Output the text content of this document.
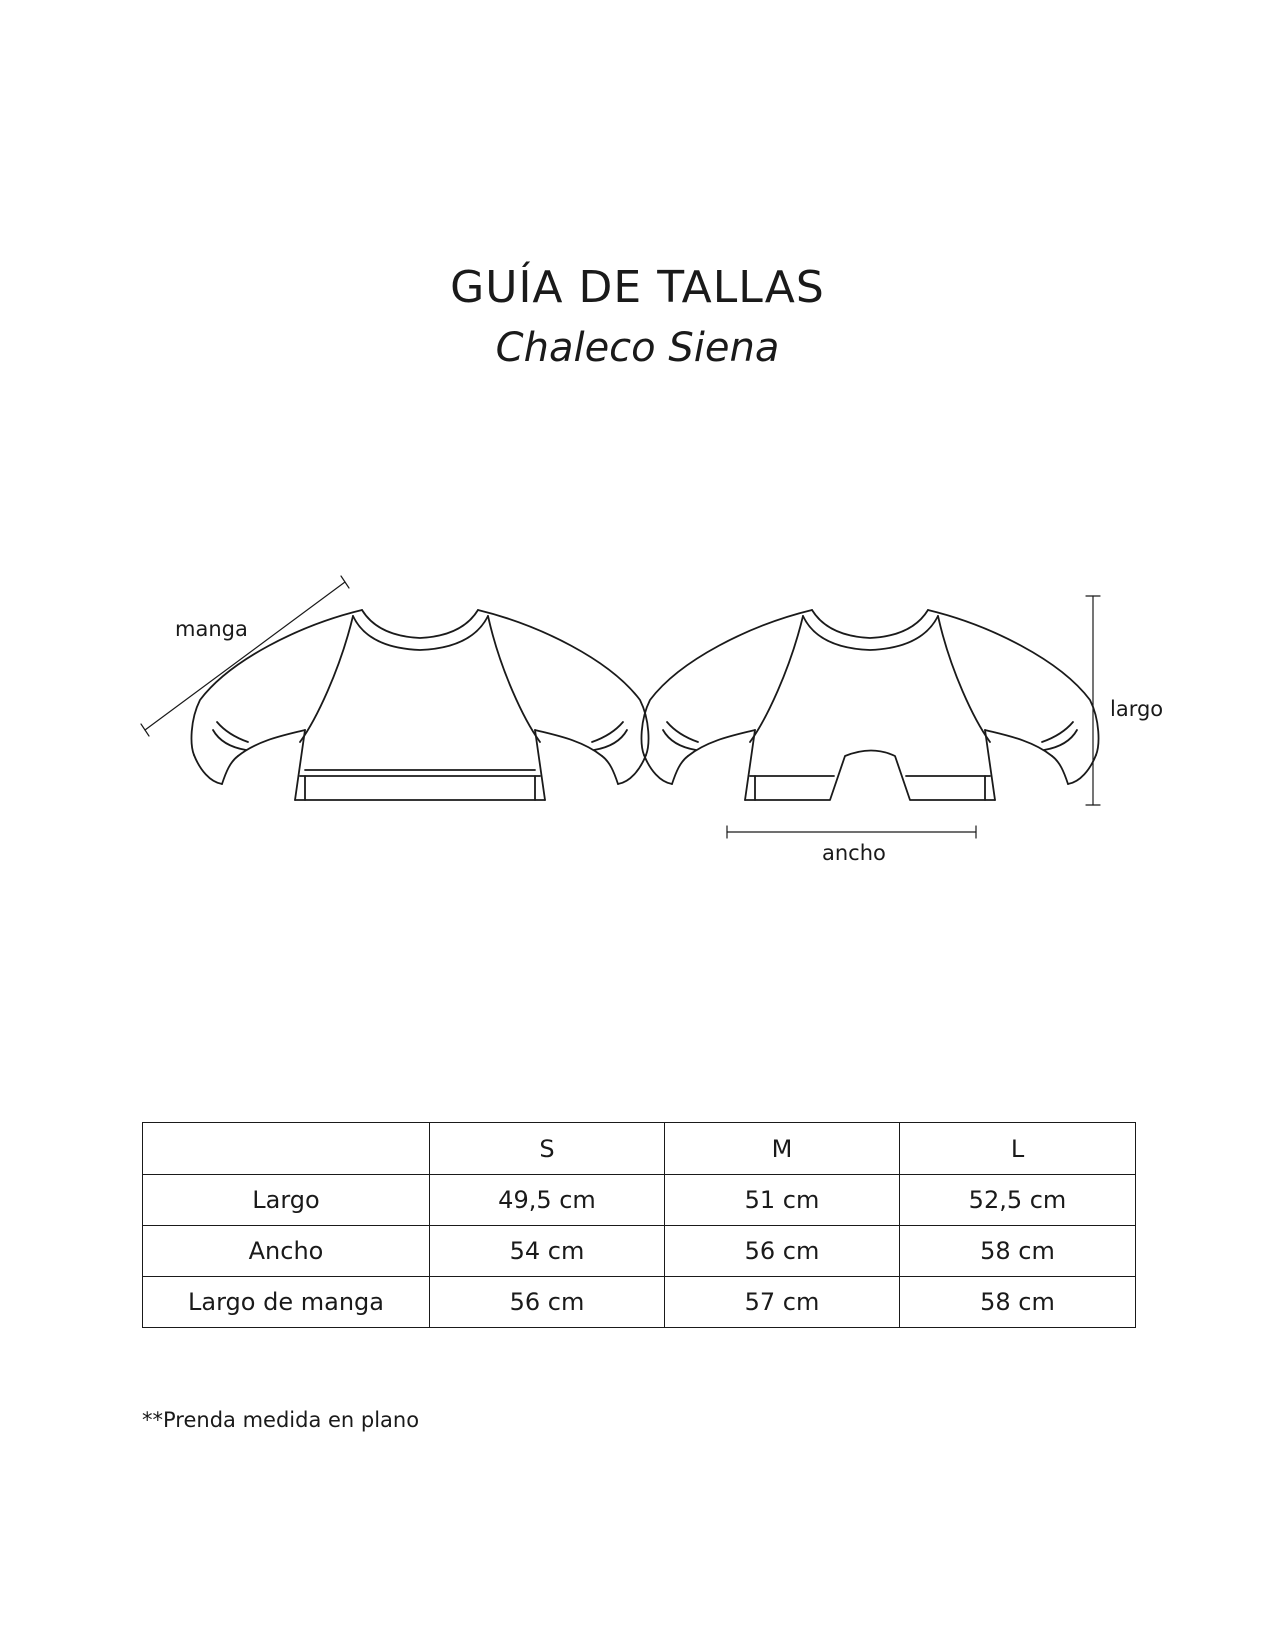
GUÍA DE TALLAS
Chaleco Siena
manga
largo
ancho
	S	M	L
Largo	49,5 cm	51 cm	52,5 cm
Ancho	54 cm	56 cm	58 cm
Largo de manga	56 cm	57 cm	58 cm

**Prenda medida en plano
